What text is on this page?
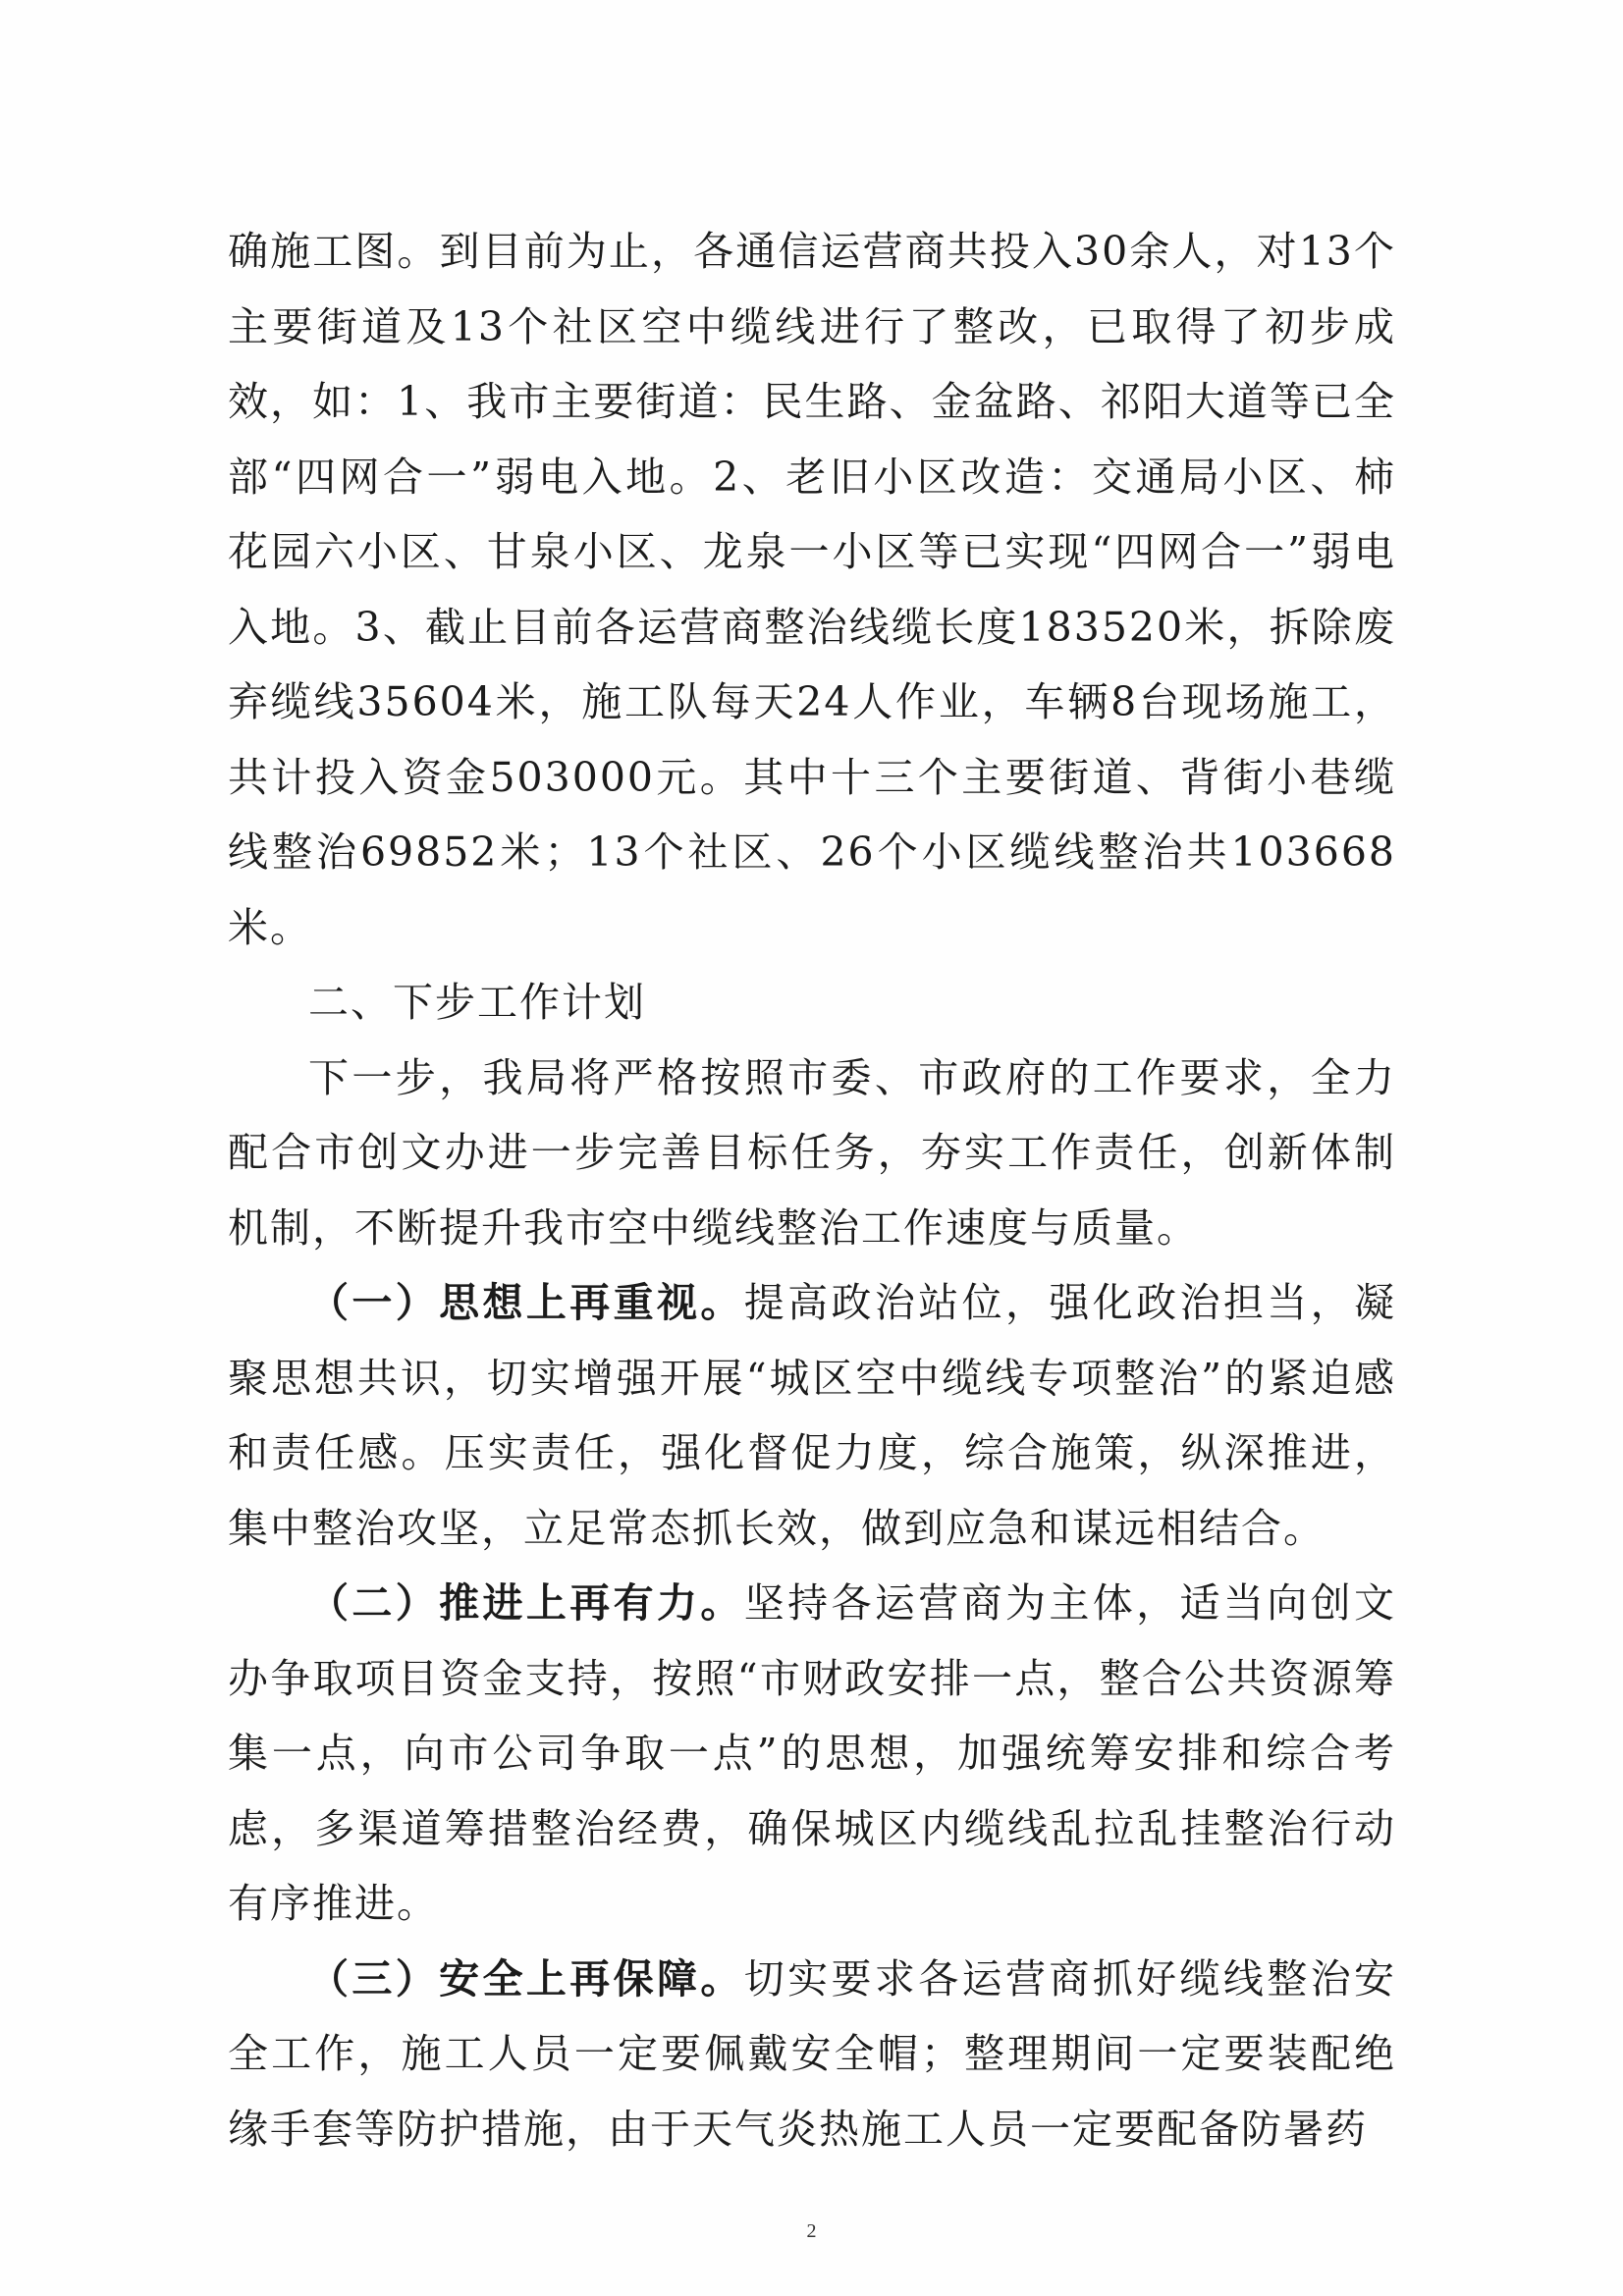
确施工图。到目前为止，各通信运营商共投入30余人，对13个主要街道及13个社区空中缆线进行了整改，已取得了初步成效，如：1、我市主要街道：民生路、金盆路、祁阳大道等已全部“四网合一”弱电入地。2、老旧小区改造：交通局小区、柿花园六小区、甘泉小区、龙泉一小区等已实现“四网合一”弱电入地。3、截止目前各运营商整治线缆长度183520米，拆除废弃缆线35604米，施工队每天24人作业，车辆8台现场施工，共计投入资金503000元。其中十三个主要街道、背街小巷缆线整治69852米；13个社区、26个小区缆线整治共103668米。

二、下步工作计划

下一步，我局将严格按照市委、市政府的工作要求，全力配合市创文办进一步完善目标任务，夯实工作责任，创新体制机制，不断提升我市空中缆线整治工作速度与质量。

（一）思想上再重视。提高政治站位，强化政治担当，凝聚思想共识，切实增强开展“城区空中缆线专项整治”的紧迫感和责任感。压实责任，强化督促力度，综合施策，纵深推进，集中整治攻坚，立足常态抓长效，做到应急和谋远相结合。

（二）推进上再有力。坚持各运营商为主体，适当向创文办争取项目资金支持，按照“市财政安排一点，整合公共资源筹集一点，向市公司争取一点”的思想，加强统筹安排和综合考虑，多渠道筹措整治经费，确保城区内缆线乱拉乱挂整治行动有序推进。

（三）安全上再保障。切实要求各运营商抓好缆线整治安全工作，施工人员一定要佩戴安全帽；整理期间一定要装配绝缘手套等防护措施，由于天气炎热施工人员一定要配备防暑药

2
